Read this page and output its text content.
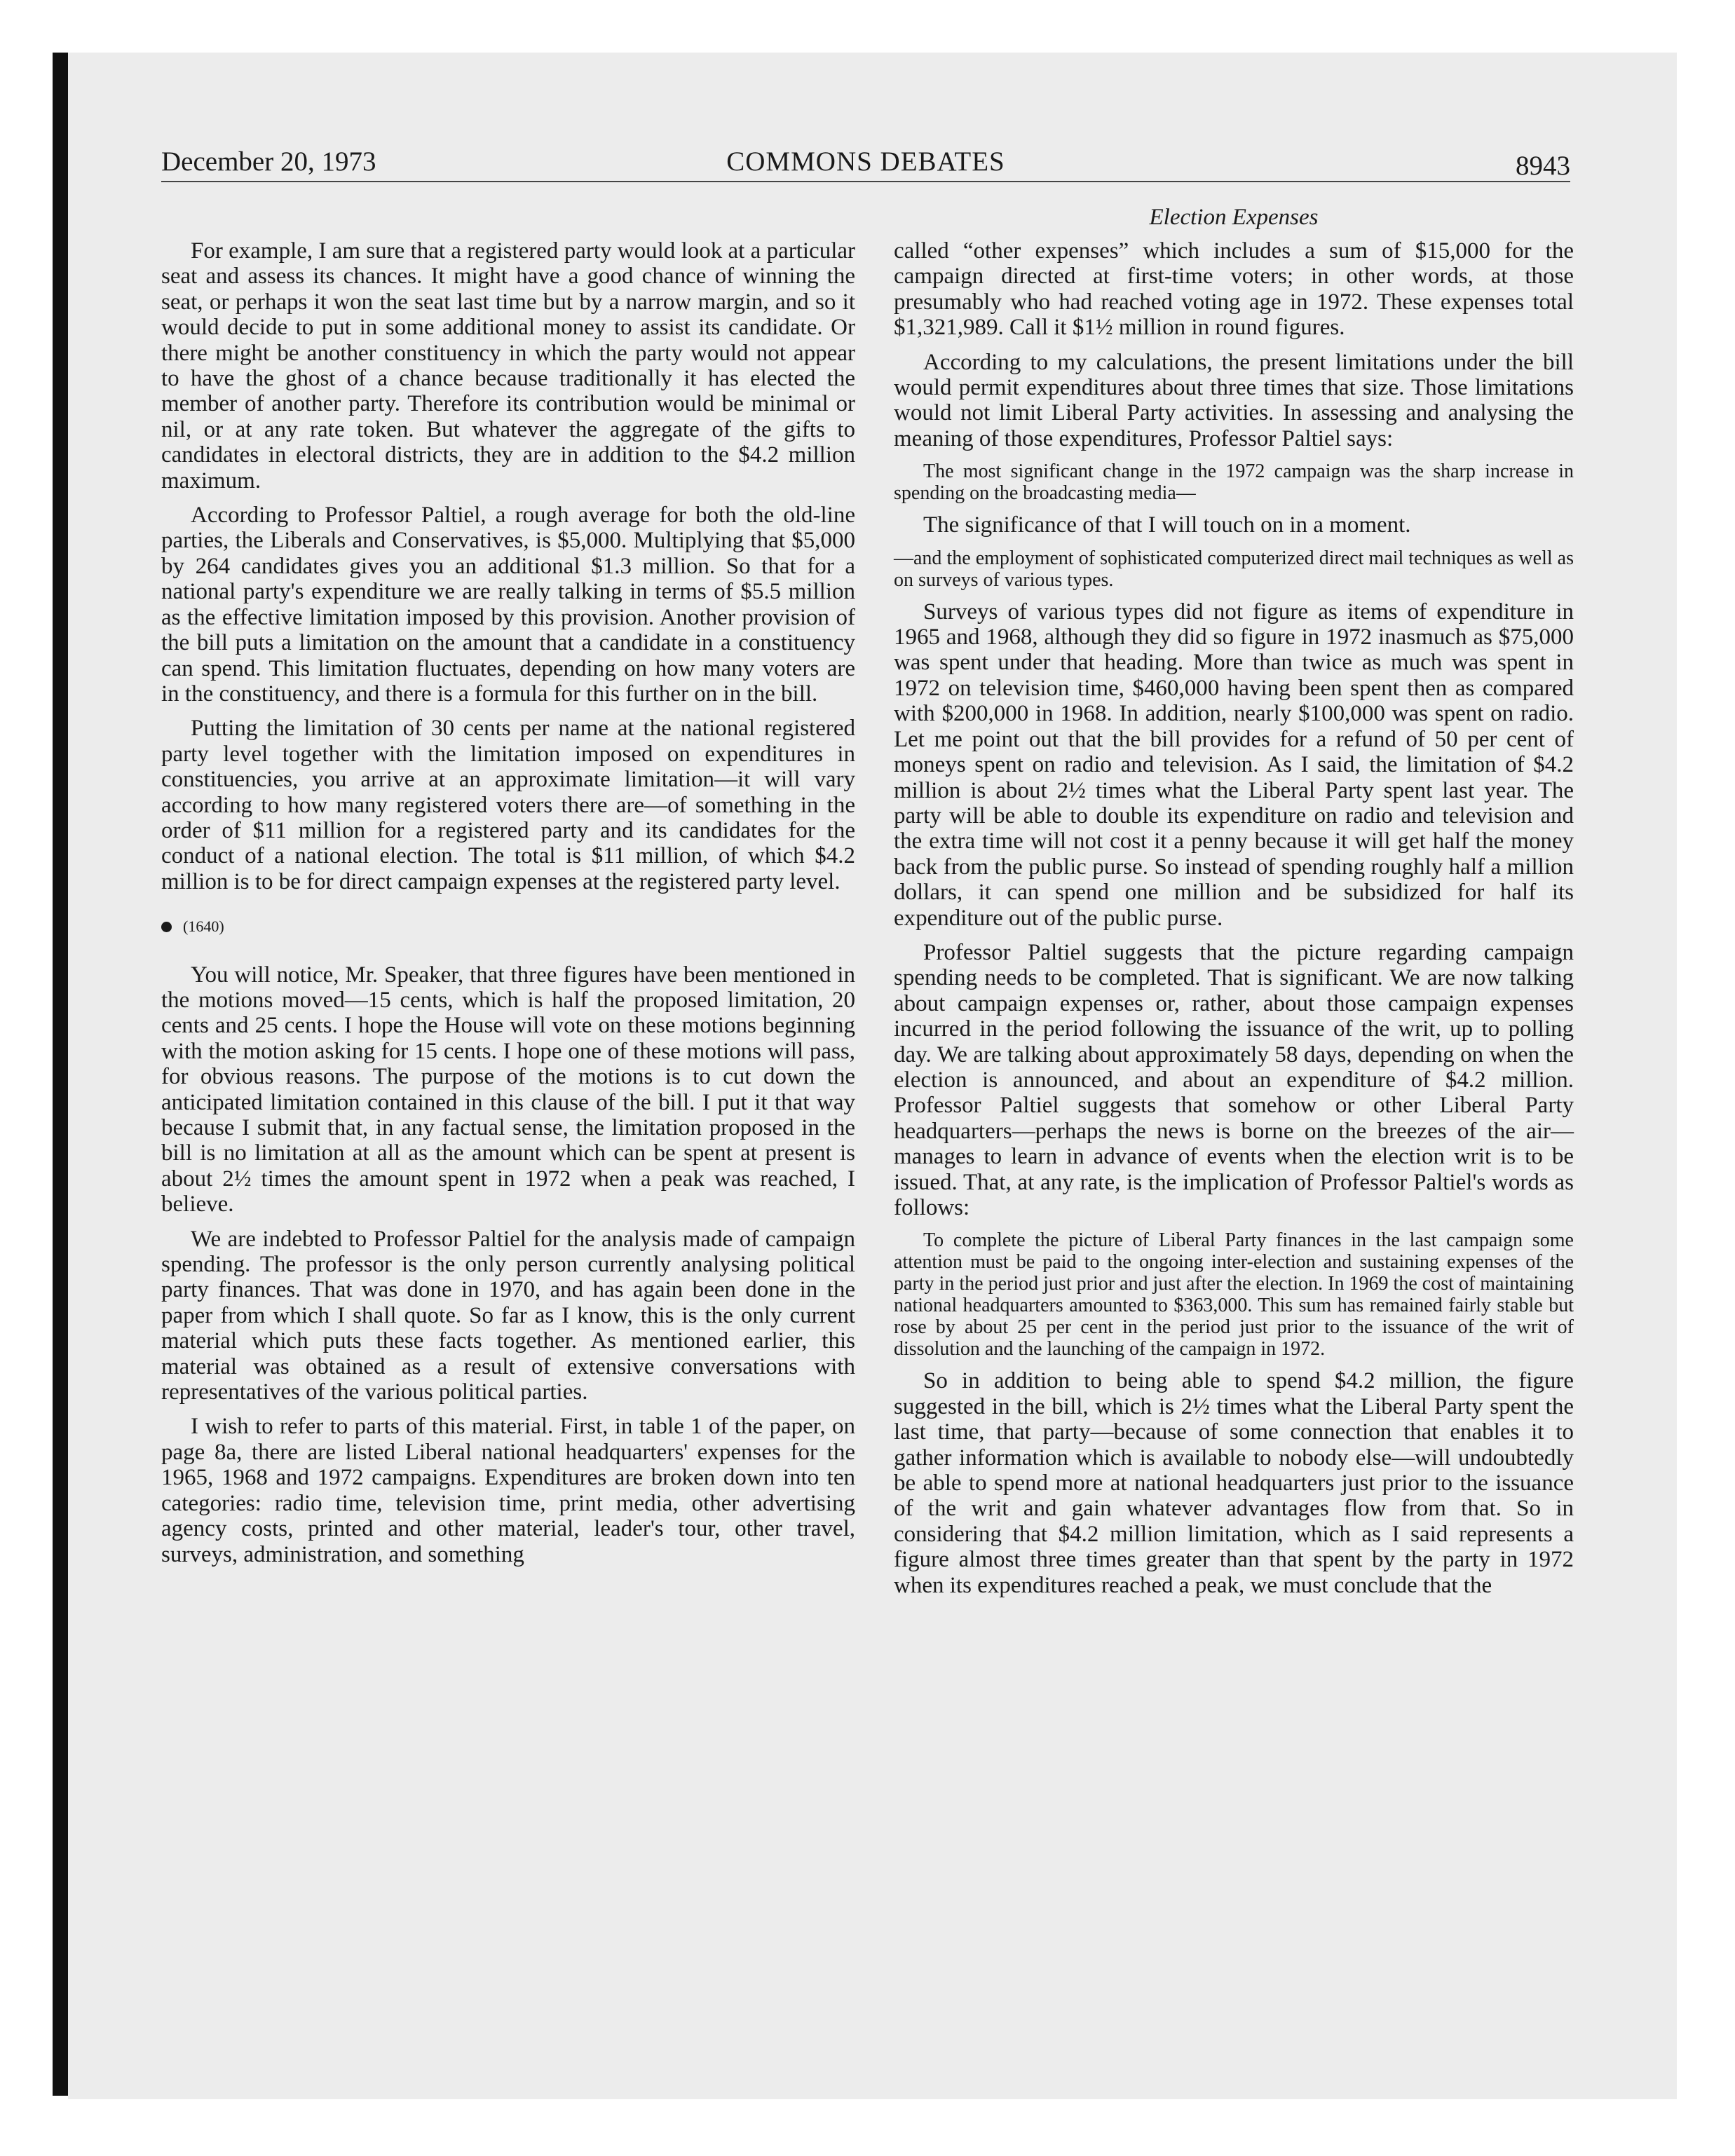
December 20, 1973	COMMONS DEBATES	8943
Election Expenses

For example, I am sure that a registered party would look at a particular seat and assess its chances. It might have a good chance of winning the seat, or perhaps it won the seat last time but by a narrow margin, and so it would decide to put in some additional money to assist its candidate. Or there might be another constituency in which the party would not appear to have the ghost of a chance because traditionally it has elected the member of another party. Therefore its contribution would be minimal or nil, or at any rate token. But whatever the aggregate of the gifts to candidates in electoral districts, they are in addition to the $4.2 million maximum.

According to Professor Paltiel, a rough average for both the old-line parties, the Liberals and Conservatives, is $5,000. Multiplying that $5,000 by 264 candidates gives you an additional $1.3 million. So that for a national party's expenditure we are really talking in terms of $5.5 million as the effective limitation imposed by this provision. Another provision of the bill puts a limitation on the amount that a candidate in a constituency can spend. This limitation fluctuates, depending on how many voters are in the constituency, and there is a formula for this further on in the bill.

Putting the limitation of 30 cents per name at the national registered party level together with the limitation imposed on expenditures in constituencies, you arrive at an approximate limitation—it will vary according to how many registered voters there are—of something in the order of $11 million for a registered party and its candidates for the conduct of a national election. The total is $11 million, of which $4.2 million is to be for direct campaign expenses at the registered party level.

(1640)

You will notice, Mr. Speaker, that three figures have been mentioned in the motions moved—15 cents, which is half the proposed limitation, 20 cents and 25 cents. I hope the House will vote on these motions beginning with the motion asking for 15 cents. I hope one of these motions will pass, for obvious reasons. The purpose of the motions is to cut down the anticipated limitation contained in this clause of the bill. I put it that way because I submit that, in any factual sense, the limitation proposed in the bill is no limitation at all as the amount which can be spent at present is about 2½ times the amount spent in 1972 when a peak was reached, I believe.

We are indebted to Professor Paltiel for the analysis made of campaign spending. The professor is the only person currently analysing political party finances. That was done in 1970, and has again been done in the paper from which I shall quote. So far as I know, this is the only current material which puts these facts together. As mentioned earlier, this material was obtained as a result of extensive conversations with representatives of the various political parties.

I wish to refer to parts of this material. First, in table 1 of the paper, on page 8a, there are listed Liberal national headquarters' expenses for the 1965, 1968 and 1972 campaigns. Expenditures are broken down into ten categories: radio time, television time, print media, other advertising agency costs, printed and other material, leader's tour, other travel, surveys, administration, and something

called “other expenses” which includes a sum of $15,000 for the campaign directed at first-time voters; in other words, at those presumably who had reached voting age in 1972. These expenses total $1,321,989. Call it $1½ million in round figures.

According to my calculations, the present limitations under the bill would permit expenditures about three times that size. Those limitations would not limit Liberal Party activities. In assessing and analysing the meaning of those expenditures, Professor Paltiel says:

The most significant change in the 1972 campaign was the sharp increase in spending on the broadcasting media—

The significance of that I will touch on in a moment.

—and the employment of sophisticated computerized direct mail techniques as well as on surveys of various types.

Surveys of various types did not figure as items of expenditure in 1965 and 1968, although they did so figure in 1972 inasmuch as $75,000 was spent under that heading. More than twice as much was spent in 1972 on television time, $460,000 having been spent then as compared with $200,000 in 1968. In addition, nearly $100,000 was spent on radio. Let me point out that the bill provides for a refund of 50 per cent of moneys spent on radio and television. As I said, the limitation of $4.2 million is about 2½ times what the Liberal Party spent last year. The party will be able to double its expenditure on radio and television and the extra time will not cost it a penny because it will get half the money back from the public purse. So instead of spending roughly half a million dollars, it can spend one million and be subsidized for half its expenditure out of the public purse.

Professor Paltiel suggests that the picture regarding campaign spending needs to be completed. That is significant. We are now talking about campaign expenses or, rather, about those campaign expenses incurred in the period following the issuance of the writ, up to polling day. We are talking about approximately 58 days, depending on when the election is announced, and about an expenditure of $4.2 million. Professor Paltiel suggests that somehow or other Liberal Party headquarters—perhaps the news is borne on the breezes of the air—manages to learn in advance of events when the election writ is to be issued. That, at any rate, is the implication of Professor Paltiel's words as follows:

To complete the picture of Liberal Party finances in the last campaign some attention must be paid to the ongoing inter-election and sustaining expenses of the party in the period just prior and just after the election. In 1969 the cost of maintaining national headquarters amounted to $363,000. This sum has remained fairly stable but rose by about 25 per cent in the period just prior to the issuance of the writ of dissolution and the launching of the campaign in 1972.

So in addition to being able to spend $4.2 million, the figure suggested in the bill, which is 2½ times what the Liberal Party spent the last time, that party—because of some connection that enables it to gather information which is available to nobody else—will undoubtedly be able to spend more at national headquarters just prior to the issuance of the writ and gain whatever advantages flow from that. So in considering that $4.2 million limitation, which as I said represents a figure almost three times greater than that spent by the party in 1972 when its expenditures reached a peak, we must conclude that the
